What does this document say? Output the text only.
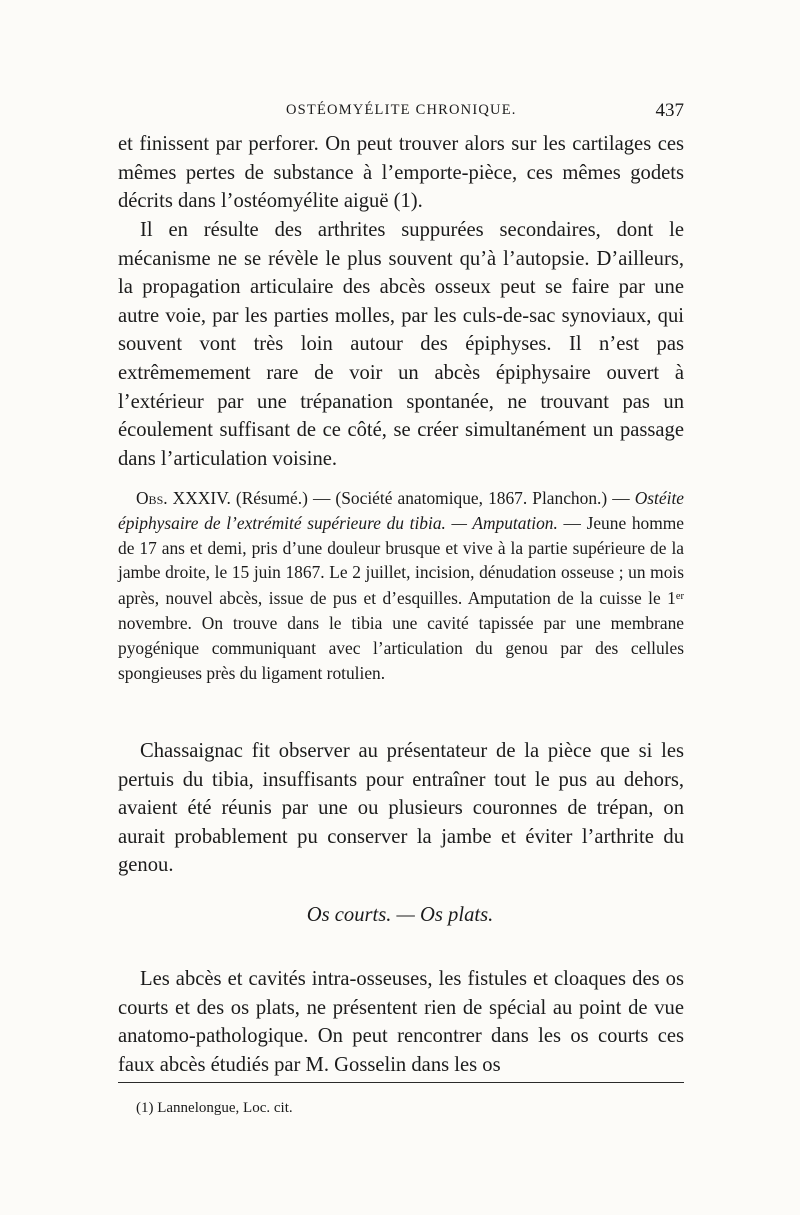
OSTÉOMYÉLITE CHRONIQUE.	437

et finissent par perforer. On peut trouver alors sur les cartilages ces mêmes pertes de substance à l’emporte-pièce, ces mêmes godets décrits dans l’ostéomyélite aiguë (1).

Il en résulte des arthrites suppurées secondaires, dont le mécanisme ne se révèle le plus souvent qu’à l’autopsie. D’ailleurs, la propagation articulaire des abcès osseux peut se faire par une autre voie, par les parties molles, par les culs-de-sac synoviaux, qui souvent vont très loin autour des épiphyses. Il n’est pas extrêmemement rare de voir un abcès épiphysaire ouvert à l’extérieur par une trépanation spontanée, ne trouvant pas un écoulement suffisant de ce côté, se créer simultanément un passage dans l’articulation voisine.

Obs. XXXIV. (Résumé.) — (Société anatomique, 1867. Planchon.) — Ostéite épiphysaire de l’extrémité supérieure du tibia. — Amputation. — Jeune homme de 17 ans et demi, pris d’une douleur brusque et vive à la partie supérieure de la jambe droite, le 15 juin 1867. Le 2 juillet, incision, dénudation osseuse ; un mois après, nouvel abcès, issue de pus et d’esquilles. Amputation de la cuisse le 1er novembre. On trouve dans le tibia une cavité tapissée par une membrane pyogénique communiquant avec l’articulation du genou par des cellules spongieuses près du ligament rotulien.

Chassaignac fit observer au présentateur de la pièce que si les pertuis du tibia, insuffisants pour entraîner tout le pus au dehors, avaient été réunis par une ou plusieurs couronnes de trépan, on aurait probablement pu conserver la jambe et éviter l’arthrite du genou.

Os courts. — Os plats.

Les abcès et cavités intra-osseuses, les fistules et cloaques des os courts et des os plats, ne présentent rien de spécial au point de vue anatomo-pathologique. On peut rencontrer dans les os courts ces faux abcès étudiés par M. Gosselin dans les os

(1) Lannelongue, Loc. cit.
